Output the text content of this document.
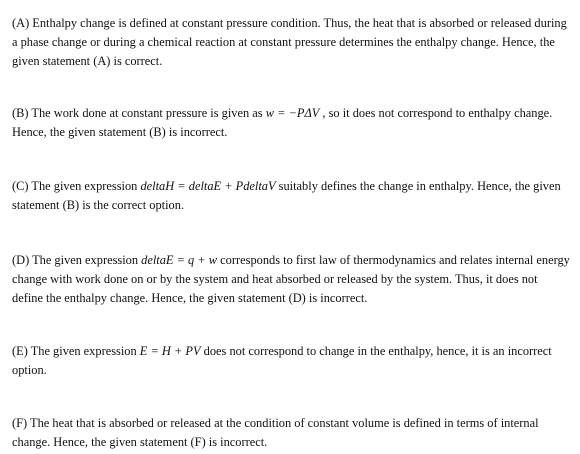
(A) Enthalpy change is defined at constant pressure condition. Thus, the heat that is absorbed or released during a phase change or during a chemical reaction at constant pressure determines the enthalpy change. Hence, the given statement (A) is correct.

(B) The work done at constant pressure is given as w = −PΔV , so it does not correspond to enthalpy change. Hence, the given statement (B) is incorrect.

(C) The given expression deltaH = deltaE + PdeltaV suitably defines the change in enthalpy. Hence, the given statement (B) is the correct option.

(D) The given expression deltaE = q + w corresponds to first law of thermodynamics and relates internal energy change with work done on or by the system and heat absorbed or released by the system. Thus, it does not define the enthalpy change. Hence, the given statement (D) is incorrect.

(E) The given expression E = H + PV does not correspond to change in the enthalpy, hence, it is an incorrect option.

(F) The heat that is absorbed or released at the condition of constant volume is defined in terms of internal change. Hence, the given statement (F) is incorrect.
